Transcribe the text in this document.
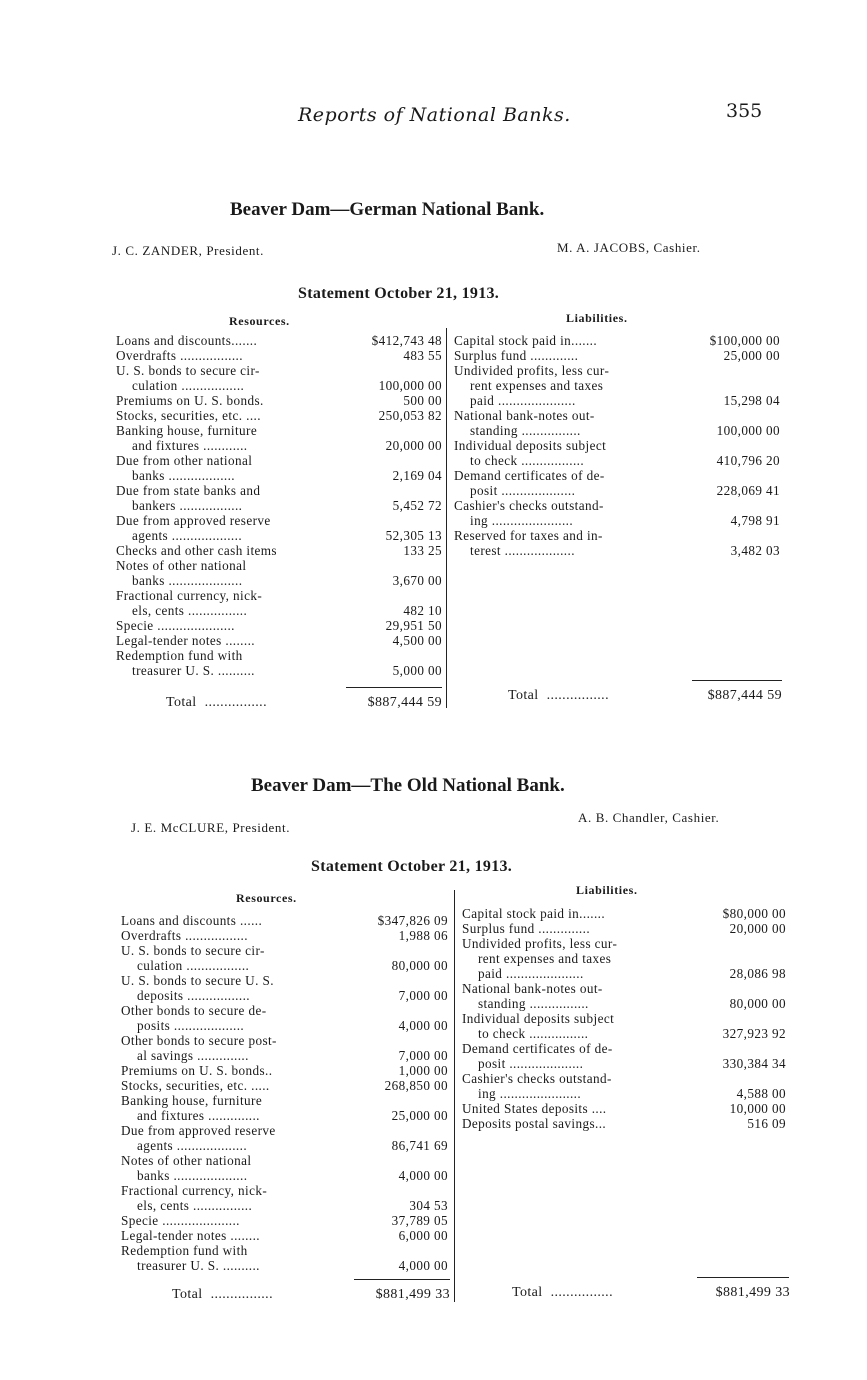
Reports of National Banks.	355
Beaver Dam—German National Bank.
J. C. ZANDER, President.	M. A. JACOBS, Cashier.
Statement October 21, 1913.
Resources.	Liabilities.
Loans and discounts.......	$412,743 48
Overdrafts .................	483 55
U. S. bonds to secure cir-
culation .................	100,000 00
Premiums on U. S. bonds.	500 00
Stocks, securities, etc. ....	250,053 82
Banking house, furniture
and fixtures ............	20,000 00
Due from other national
banks ..................	2,169 04
Due from state banks and
bankers .................	5,452 72
Due from approved reserve
agents ...................	52,305 13
Checks and other cash items	133 25
Notes of other national
banks ....................	3,670 00
Fractional currency, nick-
els, cents ................	482 10
Specie .....................	29,951 50
Legal-tender notes ........	4,500 00
Redemption fund with
treasurer U. S. ..........	5,000 00
Capital stock paid in.......	$100,000 00
Surplus fund .............	25,000 00
Undivided profits, less cur-
rent expenses and taxes
paid .....................	15,298 04
National bank-notes out-
standing ................	100,000 00
Individual deposits subject
to check .................	410,796 20
Demand certificates of de-
posit ....................	228,069 41
Cashier's checks outstand-
ing ......................	4,798 91
Reserved for taxes and in-
terest ...................	3,482 03
Total ................	$887,444 59	Total ................	$887,444 59
Beaver Dam—The Old National Bank.
J. E. McCLURE, President.
A. B. Chandler, Cashier.
Statement October 21, 1913.
Resources.
Liabilities.
Loans and discounts ......	$347,826 09
Overdrafts .................	1,988 06
U. S. bonds to secure cir-
culation .................	80,000 00
U. S. bonds to secure U. S.
deposits .................	7,000 00
Other bonds to secure de-
posits ...................	4,000 00
Other bonds to secure post-
al savings ..............	7,000 00
Premiums on U. S. bonds..	1,000 00
Stocks, securities, etc. .....	268,850 00
Banking house, furniture
and fixtures ..............	25,000 00
Due from approved reserve
agents ...................	86,741 69
Notes of other national
banks ....................	4,000 00
Fractional currency, nick-
els, cents ................	304 53
Specie .....................	37,789 05
Legal-tender notes ........	6,000 00
Redemption fund with
treasurer U. S. ..........	4,000 00
Capital stock paid in.......	$80,000 00
Surplus fund ..............	20,000 00
Undivided profits, less cur-
rent expenses and taxes
paid .....................	28,086 98
National bank-notes out-
standing ................	80,000 00
Individual deposits subject
to check ................	327,923 92
Demand certificates of de-
posit ....................	330,384 34
Cashier's checks outstand-
ing ......................	4,588 00
United States deposits ....	10,000 00
Deposits postal savings...	516 09
Total ................	$881,499 33	Total ................	$881,499 33
